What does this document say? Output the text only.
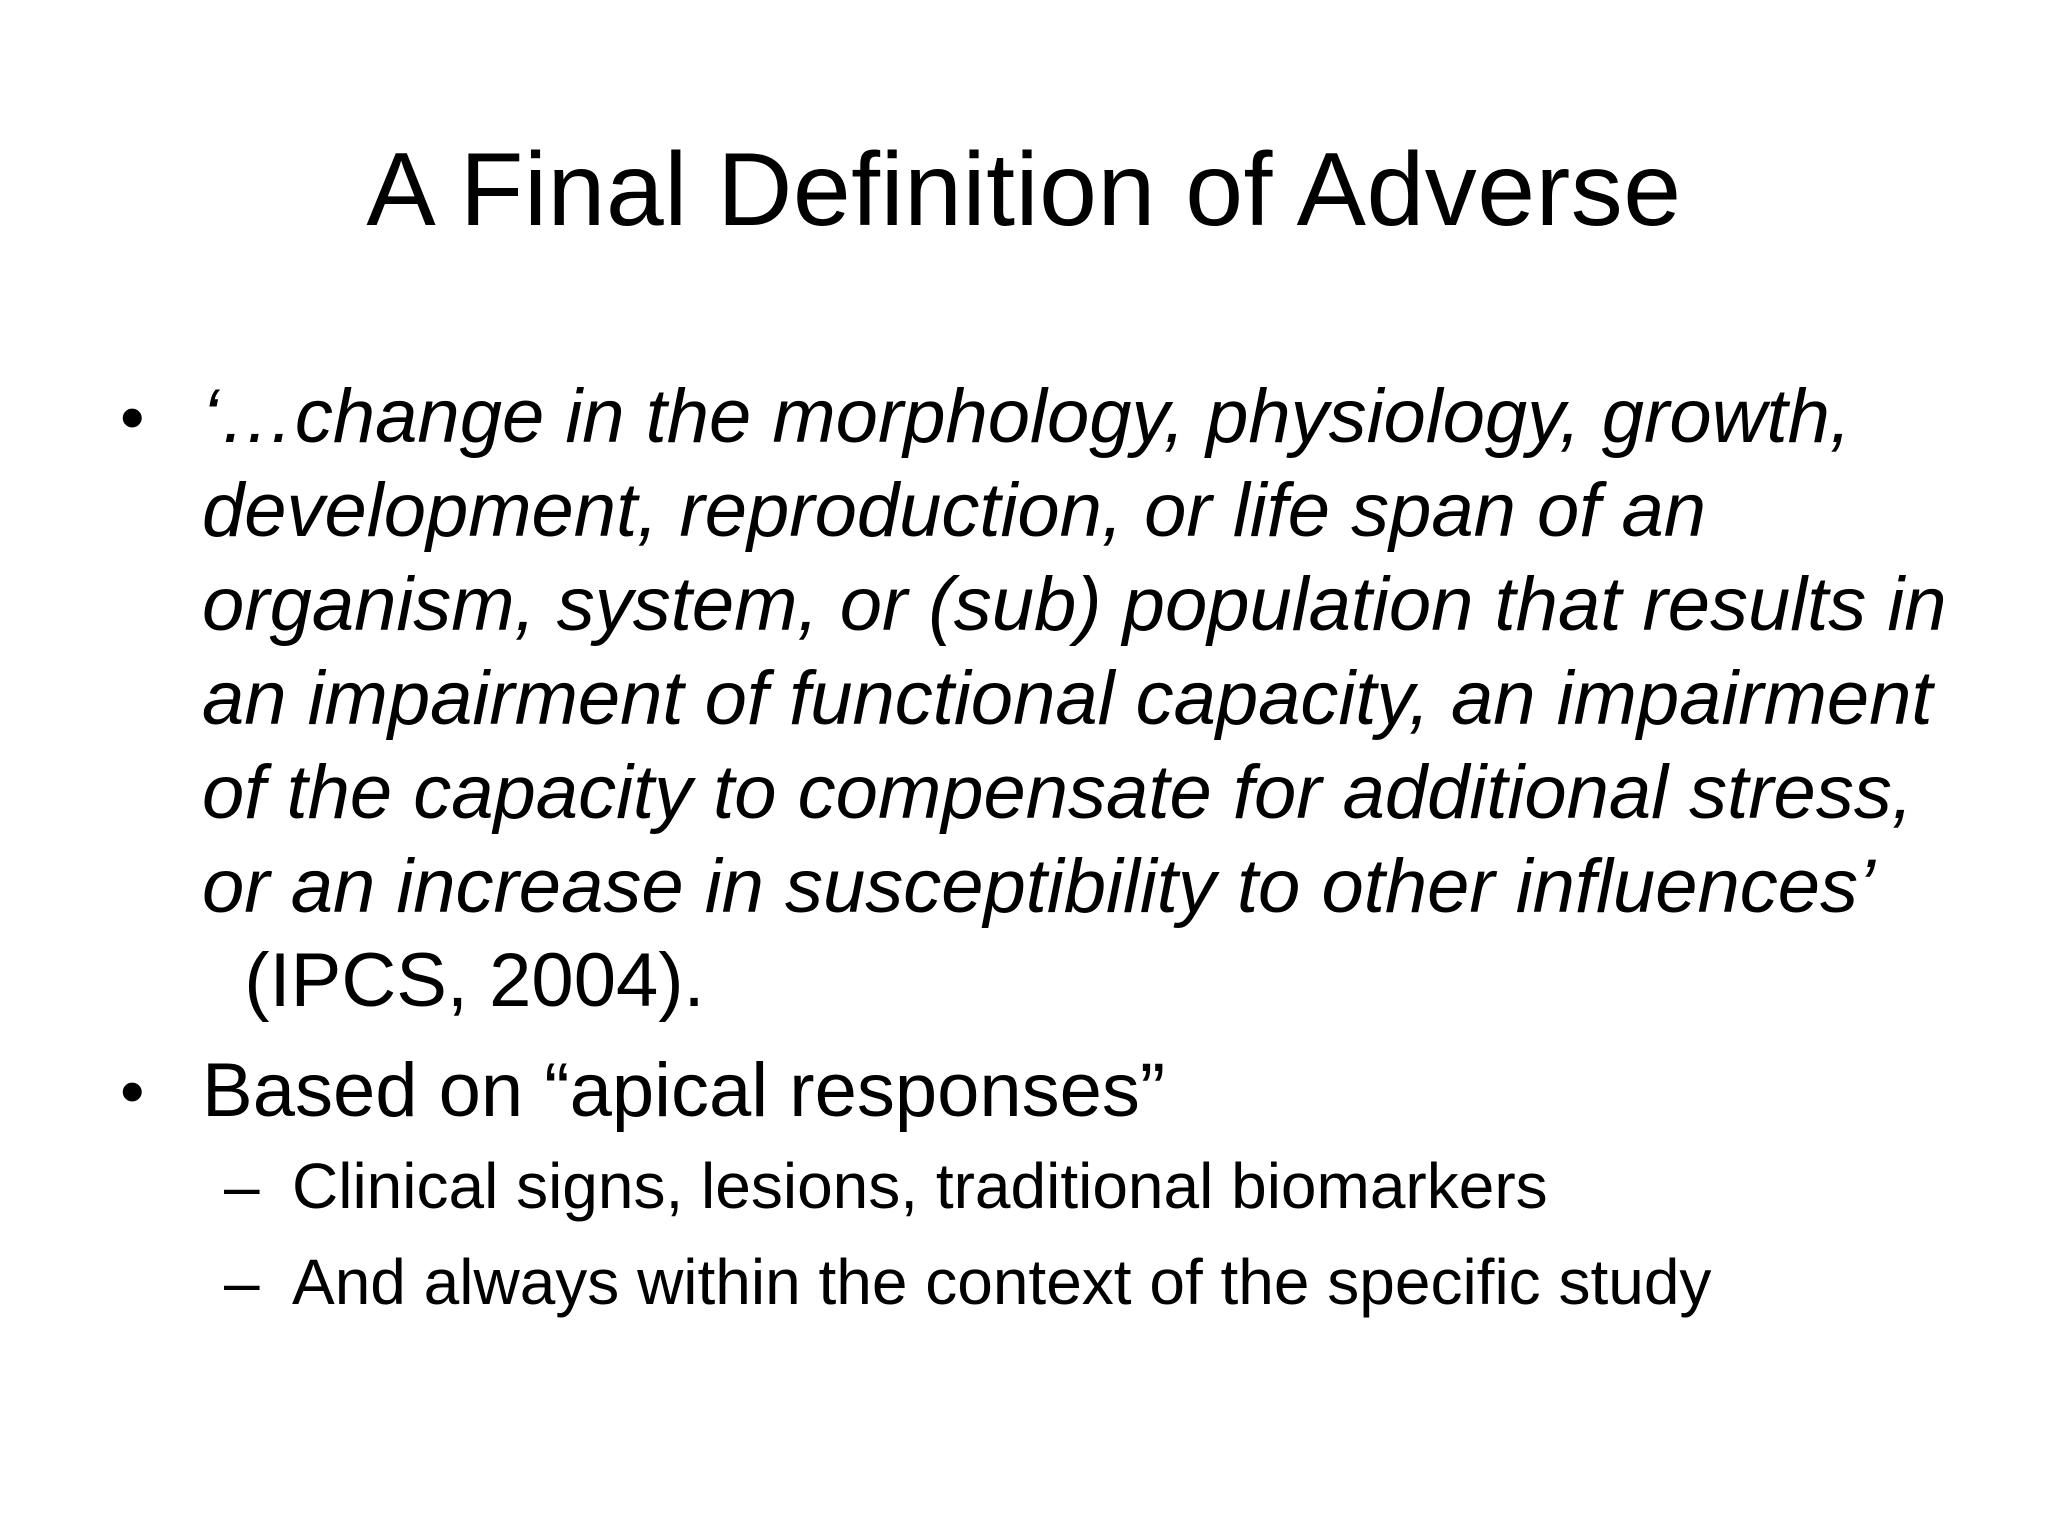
A Final Definition of Adverse
• ‘…change in the morphology, physiology, growth, development, reproduction, or life span of an organism, system, or (sub) population that results in an impairment of functional capacity, an impairment of the capacity to compensate for additional stress, or an increase in susceptibility to other influences’  (IPCS, 2004).
• Based on “apical responses”
– Clinical signs, lesions, traditional biomarkers
– And always within the context of the specific study
